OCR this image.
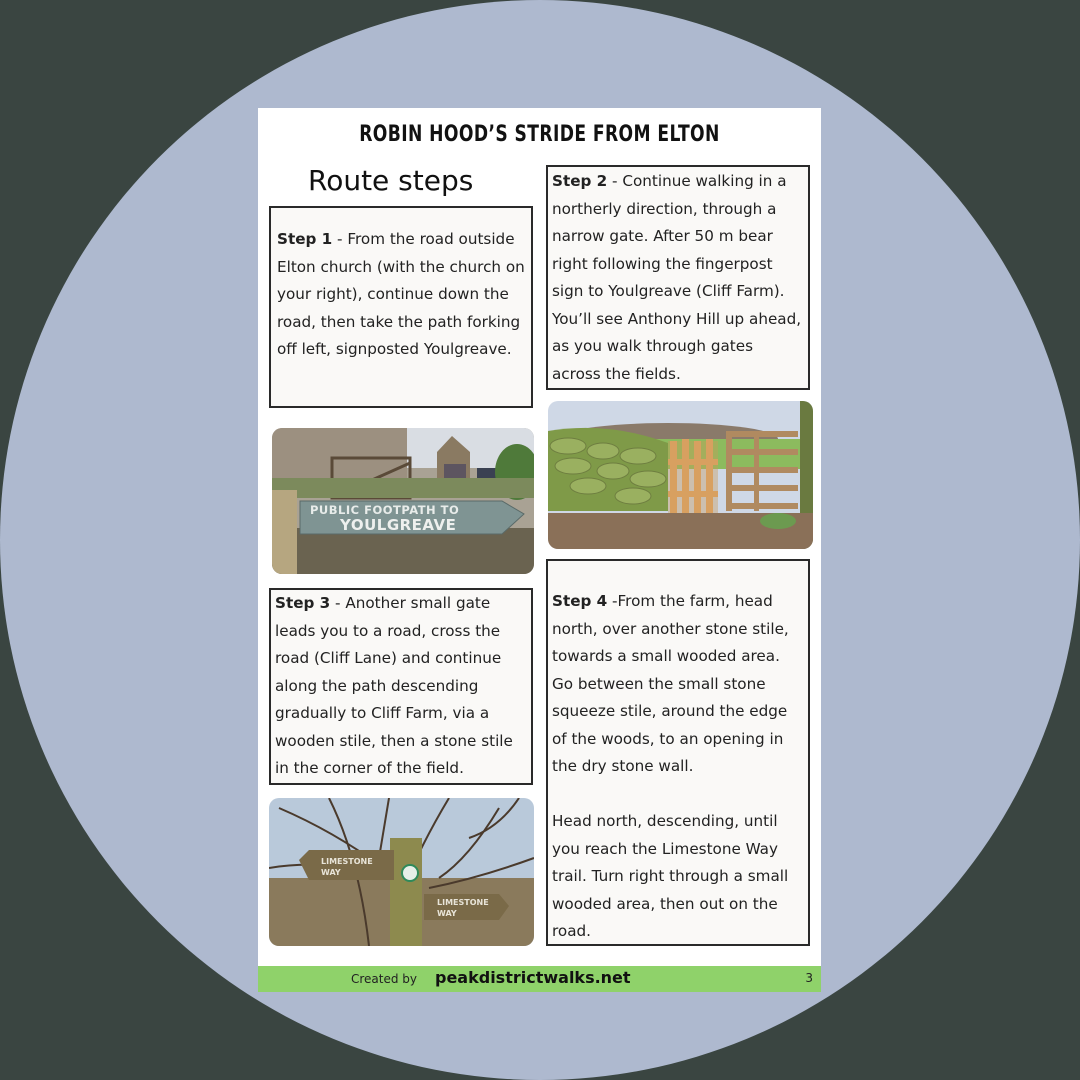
ROBIN HOOD’S STRIDE FROM ELTON
Route steps

Step 1 - From the road outside Elton church (with the church on your right), continue down the road, then take the path forking off left, signposted Youlgreave.

Step 2 - Continue walking in a northerly direction, through a narrow gate. After 50 m bear right following the fingerpost sign to Youlgreave (Cliff Farm). You’ll see Anthony Hill up ahead, as you walk through gates across the fields.

PUBLIC FOOTPATH TO
YOULGREAVE

Step 3 - Another small gate leads you to a road, cross the road (Cliff Lane) and continue along the path descending gradually to Cliff Farm, via a wooden stile, then a stone stile in the corner of the field.

Step 4 -From the farm, head north, over another stone stile, towards a small wooded area. Go between the small stone squeeze stile, around the edge of the woods, to an opening in the dry stone wall.

Head north, descending, until you reach the Limestone Way trail. Turn right through a small wooded area, then out on the road.

LIMESTONE
WAY
LIMESTONE
WAY
Created by peakdistrictwalks.net	3
